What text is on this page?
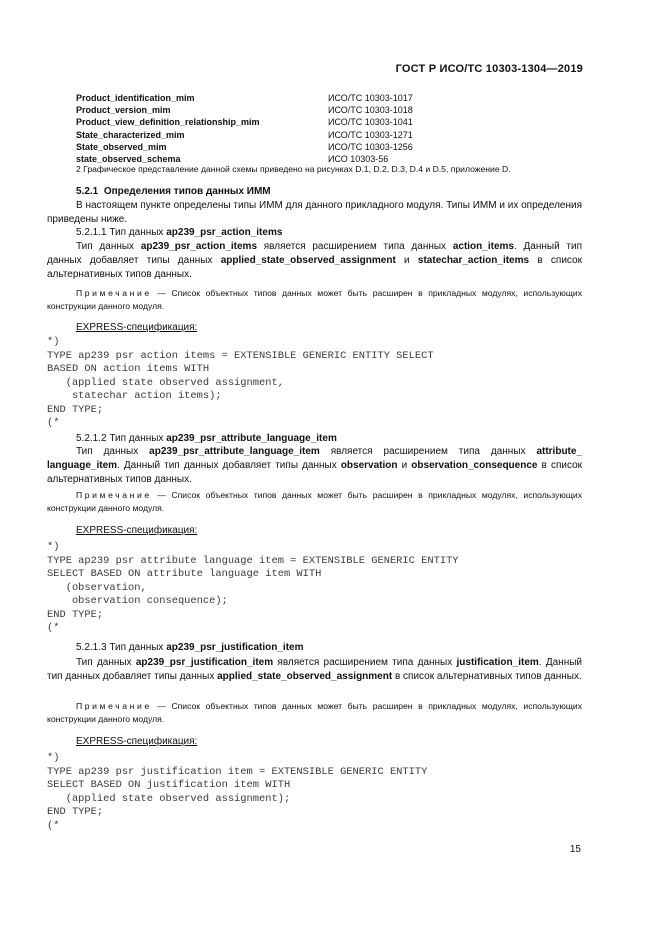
ГОСТ Р ИСО/ТС 10303-1304—2019
Product_identification_mim	ИСО/ТС 10303-1017
Product_version_mim	ИСО/ТС 10303-1018
Product_view_definition_relationship_mim	ИСО/ТС 10303-1041
State_characterized_mim	ИСО/ТС 10303-1271
State_observed_mim	ИСО/ТС 10303-1256
state_observed_schema	ИСО 10303-56
2 Графическое представление данной схемы приведено на рисунках D.1, D.2, D.3, D.4 и D.5, приложение D.
5.2.1 Определения типов данных ИММ
В настоящем пункте определены типы ИММ для данного прикладного модуля. Типы ИММ и их определения приведены ниже.
5.2.1.1 Тип данных ap239_psr_action_items
Тип данных ap239_psr_action_items является расширением типа данных action_items. Данный тип данных добавляет типы данных applied_state_observed_assignment и statechar_action_items в список альтернативных типов данных.
Примечание — Список объектных типов данных может быть расширен в прикладных модулях, использующих конструкции данного модуля.
EXPRESS-спецификация:
*)
TYPE ap239 psr action items = EXTENSIBLE GENERIC ENTITY SELECT
BASED ON action items WITH
(applied state observed assignment,
statechar action items);
END TYPE;
(*
5.2.1.2 Тип данных ap239_psr_attribute_language_item
Тип данных ap239_psr_attribute_language_item является расширением типа данных attribute_ language_item. Данный тип данных добавляет типы данных observation и observation_consequence в список альтернативных типов данных.
Примечание — Список объектных типов данных может быть расширен в прикладных модулях, использующих конструкции данного модуля.
EXPRESS-спецификация:
*)
TYPE ap239 psr attribute language item = EXTENSIBLE GENERIC ENTITY
SELECT BASED ON attribute language item WITH
(observation,
observation consequence);
END TYPE;
(*
5.2.1.3 Тип данных ap239_psr_justification_item
Тип данных ap239_psr_justification_item является расширением типа данных justification_item. Данный тип данных добавляет типы данных applied_state_observed_assignment в список альтернативных типов данных.
Примечание — Список объектных типов данных может быть расширен в прикладных модулях, использующих конструкции данного модуля.
EXPRESS-спецификация:
*)
TYPE ap239 psr justification item = EXTENSIBLE GENERIC ENTITY
SELECT BASED ON justification item WITH
(applied state observed assignment);
END TYPE;
(*
15
